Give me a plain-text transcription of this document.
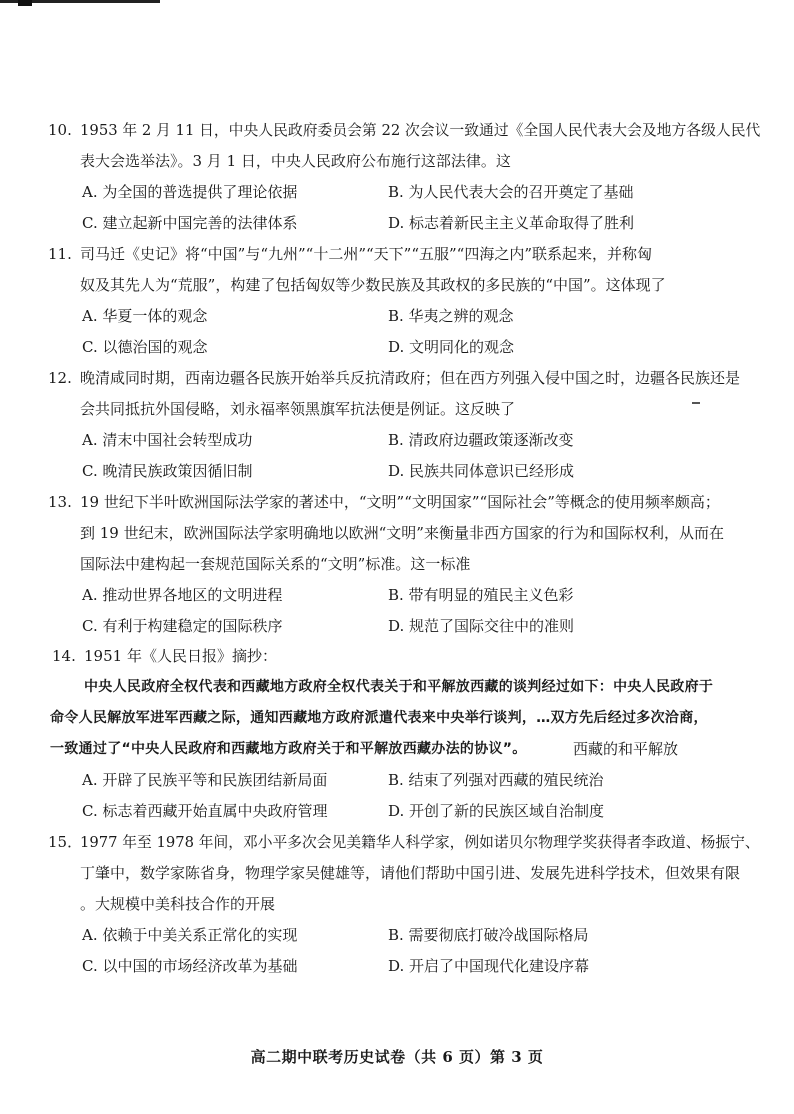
10. 1953 年 2 月 11 日，中央人民政府委员会第 22 次会议一致通过《全国人民代表大会及地方各级人民代
表大会选举法》。3 月 1 日，中央人民政府公布施行这部法律。这
A. 为全国的普选提供了理论依据	B. 为人民代表大会的召开奠定了基础
C. 建立起新中国完善的法律体系	D. 标志着新民主主义革命取得了胜利
11. 司马迁《史记》将“中国”与“九州”“十二州”“天下”“五服”“四海之内”联系起来，并称匈
奴及其先人为“荒服”，构建了包括匈奴等少数民族及其政权的多民族的“中国”。这体现了
A. 华夏一体的观念	B. 华夷之辨的观念
C. 以德治国的观念	D. 文明同化的观念
12. 晚清咸同时期，西南边疆各民族开始举兵反抗清政府；但在西方列强入侵中国之时，边疆各民族还是
会共同抵抗外国侵略，刘永福率领黑旗军抗法便是例证。这反映了
A. 清末中国社会转型成功	B. 清政府边疆政策逐渐改变
C. 晚清民族政策因循旧制	D. 民族共同体意识已经形成
13. 19 世纪下半叶欧洲国际法学家的著述中，“文明”“文明国家”“国际社会”等概念的使用频率颇高；
到 19 世纪末，欧洲国际法学家明确地以欧洲“文明”来衡量非西方国家的行为和国际权利，从而在
国际法中建构起一套规范国际关系的“文明”标准。这一标准
A. 推动世界各地区的文明进程	B. 带有明显的殖民主义色彩
C. 有利于构建稳定的国际秩序	D. 规范了国际交往中的准则
14. 1951 年《人民日报》摘抄：
中央人民政府全权代表和西藏地方政府全权代表关于和平解放西藏的谈判经过如下：中央人民政府于
命令人民解放军进军西藏之际，通知西藏地方政府派遣代表来中央举行谈判，…双方先后经过多次洽商，
一致通过了“中央人民政府和西藏地方政府关于和平解放西藏办法的协议”。	西藏的和平解放
A. 开辟了民族平等和民族团结新局面	B. 结束了列强对西藏的殖民统治
C. 标志着西藏开始直属中央政府管理	D. 开创了新的民族区域自治制度
15．
1977 年至 1978 年间，邓小平多次会见美籍华人科学家，例如诺贝尔物理学奖获得者李政道、杨振宁、
丁肇中，数学家陈省身，物理学家吴健雄等，请他们帮助中国引进、发展先进科学技术，但效果有限
。大规模中美科技合作的开展
A. 依赖于中美关系正常化的实现	B. 需要彻底打破冷战国际格局
C. 以中国的市场经济改革为基础	D. 开启了中国现代化建设序幕
高二期中联考历史试卷（共 6 页）第 3 页
